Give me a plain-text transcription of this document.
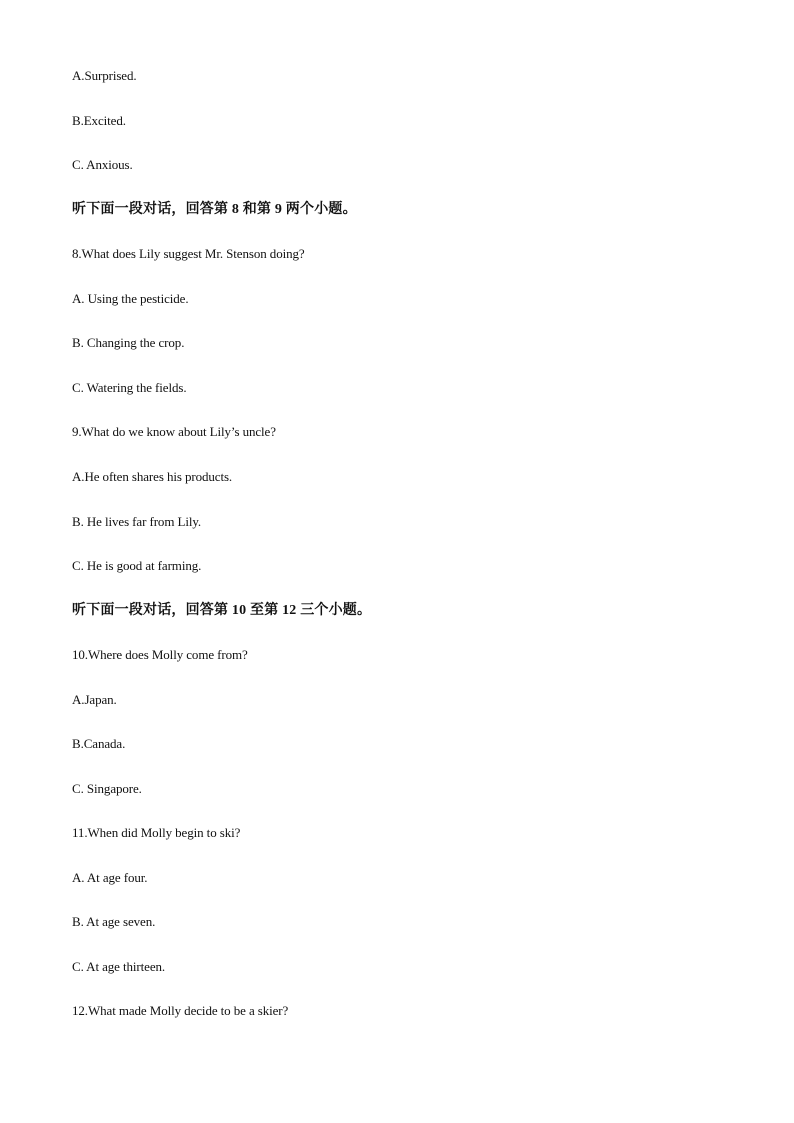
A.Surprised.
B.Excited.
C. Anxious.
听下面一段对话，回答第 8 和第 9 两个小题。
8.What does Lily suggest Mr. Stenson doing?
A. Using the pesticide.
B. Changing the crop.
C. Watering the fields.
9.What do we know about Lily’s uncle?
A.He often shares his products.
B. He lives far from Lily.
C. He is good at farming.
听下面一段对话，回答第 10 至第 12 三个小题。
10.Where does Molly come from?
A.Japan.
B.Canada.
C. Singapore.
11.When did Molly begin to ski?
A. At age four.
B. At age seven.
C. At age thirteen.
12.What made Molly decide to be a skier?
